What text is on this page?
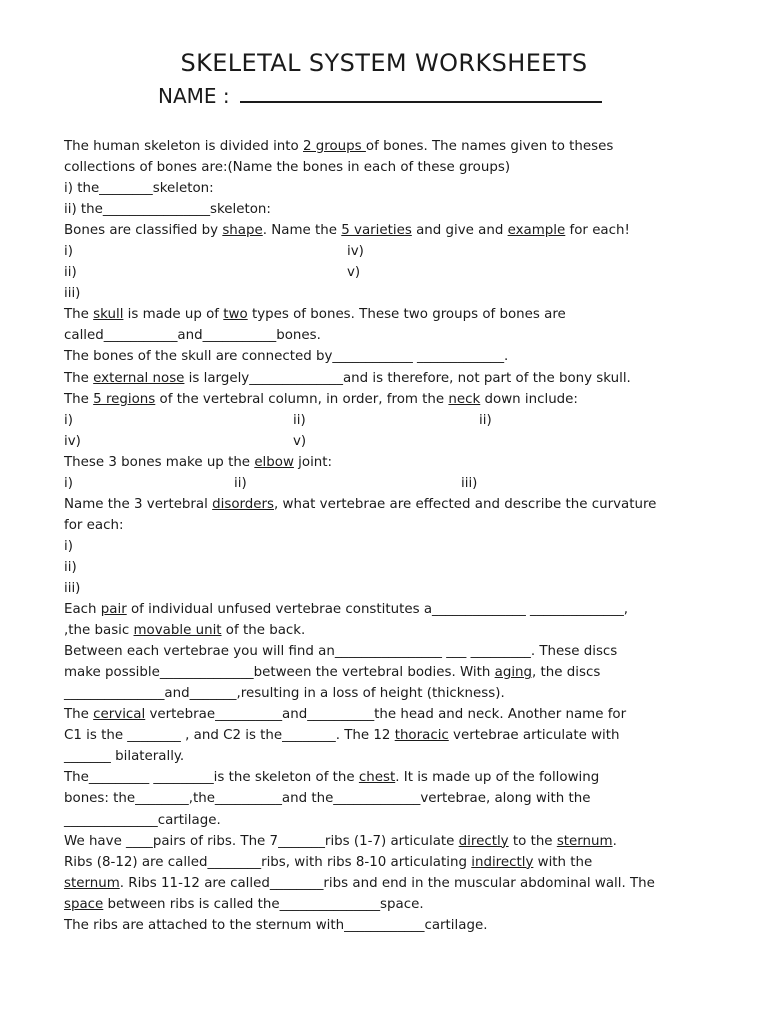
SKELETAL SYSTEM WORKSHEETS
NAME :
The human skeleton is divided into 2 groups of bones. The names given to theses
collections of bones are:(Name the bones in each of these groups)
i) the________skeleton:
ii) the________________skeleton:
Bones are classified by shape. Name the 5 varieties and give and example for each!
i)	iv)
ii)	v)
iii)
The skull is made up of two types of bones. These two groups of bones are
called___________and___________bones.
The bones of the skull are connected by____________ _____________.
The external nose is largely______________and is therefore, not part of the bony skull.
The 5 regions of the vertebral column, in order, from the neck down include:
i)	ii)	ii)
iv)	v)
These 3 bones make up the elbow joint:
i)	ii)	iii)
Name the 3 vertebral disorders, what vertebrae are effected and describe the curvature
for each:
i)
ii)
iii)
Each pair of individual unfused vertebrae constitutes a______________ ______________,
,the basic movable unit of the back.
Between each vertebrae you will find an________________ ___ _________. These discs
make possible______________between the vertebral bodies. With aging, the discs
_______________and_______,resulting in a loss of height (thickness).
The cervical vertebrae__________and__________the head and neck. Another name for
C1 is the ________ , and C2 is the________. The 12 thoracic vertebrae articulate with
_______ bilaterally.
The_________ _________is the skeleton of the chest. It is made up of the following
bones: the________,the__________and the_____________vertebrae, along with the
______________cartilage.
We have ____pairs of ribs. The 7_______ribs (1-7) articulate directly to the sternum.
Ribs (8-12) are called________ribs, with ribs 8-10 articulating indirectly with the
sternum. Ribs 11-12 are called________ribs and end in the muscular abdominal wall. The
space between ribs is called the_______________space.
The ribs are attached to the sternum with____________cartilage.
